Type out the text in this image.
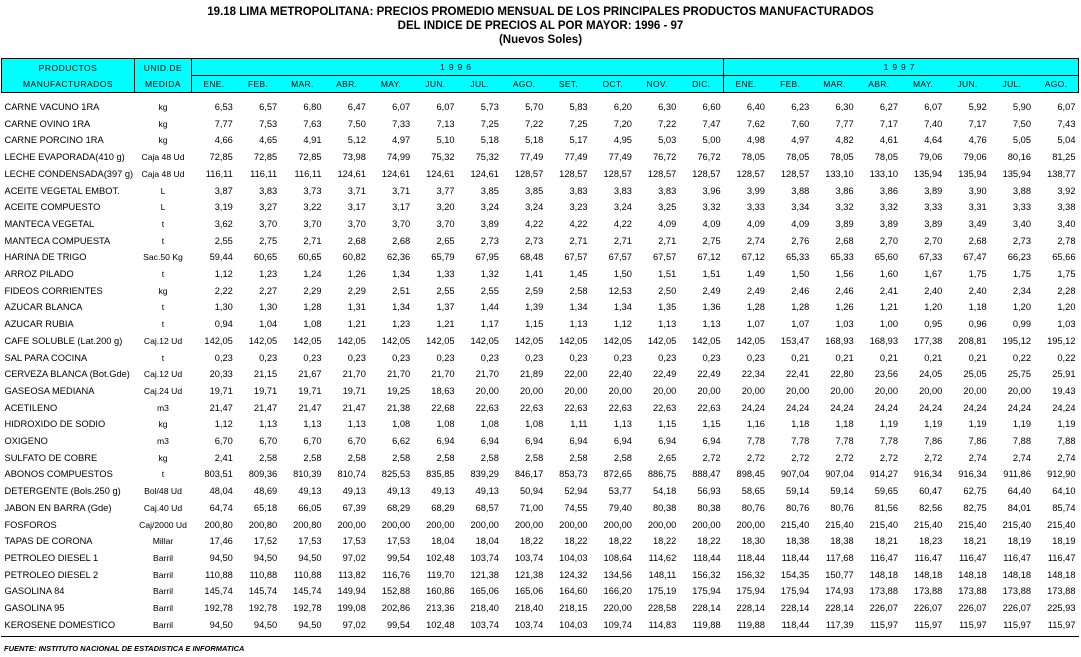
19.18 LIMA METROPOLITANA: PRECIOS PROMEDIO MENSUAL DE LOS PRINCIPALES PRODUCTOS MANUFACTURADOS
DEL INDICE DE PRECIOS AL POR MAYOR: 1996 - 97
(Nuevos Soles)
PRODUCTOS
MANUFACTURADOS	UNID.DE
MEDIDA	1996												1997							
		ENE.	FEB.	MAR.	ABR.	MAY.	JUN.	JUL.	AGO.	SET.	OCT.	NOV.	DIC.	ENE.	FEB.	MAR.	ABR.	MAY.	JUN.	JUL.	AGO.

CARNE VACUNO 1RA	kg	6,53	6,57	6,80	6,47	6,07	6,07	5,73	5,70	5,83	6,20	6,30	6,60	6,40	6,23	6,30	6,27	6,07	5,92	5,90	6,07
CARNE OVINO 1RA	kg	7,77	7,53	7,63	7,50	7,33	7,13	7,25	7,22	7,25	7,20	7,22	7,47	7,62	7,60	7,77	7,17	7,40	7,17	7,50	7,43
CARNE PORCINO 1RA	kg	4,66	4,65	4,91	5,12	4,97	5,10	5,18	5,18	5,17	4,95	5,03	5,00	4,98	4,97	4,82	4,61	4,64	4,76	5,05	5,04
LECHE EVAPORADA(410 g)	Caja 48 Ud	72,85	72,85	72,85	73,98	74,99	75,32	75,32	77,49	77,49	77,49	76,72	76,72	78,05	78,05	78,05	78,05	79,06	79,06	80,16	81,25
LECHE CONDENSADA(397 g)	Caja 48 Ud	116,11	116,11	116,11	124,61	124,61	124,61	124,61	128,57	128,57	128,57	128,57	128,57	128,57	128,57	133,10	133,10	135,94	135,94	135,94	138,77
ACEITE VEGETAL EMBOT.	L	3,87	3,83	3,73	3,71	3,71	3,77	3,85	3,85	3,83	3,83	3,83	3,96	3,99	3,88	3,86	3,86	3,89	3,90	3,88	3,92
ACEITE COMPUESTO	L	3,19	3,27	3,22	3,17	3,17	3,20	3,24	3,24	3,23	3,24	3,25	3,32	3,33	3,34	3,32	3,32	3,33	3,31	3,33	3,38
MANTECA VEGETAL	t	3,62	3,70	3,70	3,70	3,70	3,70	3,89	4,22	4,22	4,22	4,09	4,09	4,09	4,09	3,89	3,89	3,89	3,49	3,40	3,40
MANTECA COMPUESTA	t	2,55	2,75	2,71	2,68	2,68	2,65	2,73	2,73	2,71	2,71	2,71	2,75	2,74	2,76	2,68	2,70	2,70	2,68	2,73	2,78
HARINA DE TRIGO	Sac.50 Kg	59,44	60,65	60,65	60,82	62,36	65,79	67,95	68,48	67,57	67,57	67,57	67,12	67,12	65,33	65,33	65,60	67,33	67,47	66,23	65,66
ARROZ PILADO	t	1,12	1,23	1,24	1,26	1,34	1,33	1,32	1,41	1,45	1,50	1,51	1,51	1,49	1,50	1,56	1,60	1,67	1,75	1,75	1,75
FIDEOS CORRIENTES	kg	2,22	2,27	2,29	2,29	2,51	2,55	2,55	2,59	2,58	12,53	2,50	2,49	2,49	2,46	2,46	2,41	2,40	2,40	2,34	2,28
AZUCAR BLANCA	t	1,30	1,30	1,28	1,31	1,34	1,37	1,44	1,39	1,34	1,34	1,35	1,36	1,28	1,28	1,26	1,21	1,20	1,18	1,20	1,20
AZUCAR RUBIA	t	0,94	1,04	1,08	1,21	1,23	1,21	1,17	1,15	1,13	1,12	1,13	1,13	1,07	1,07	1,03	1,00	0,95	0,96	0,99	1,03
CAFE SOLUBLE (Lat.200 g)	Caj.12 Ud	142,05	142,05	142,05	142,05	142,05	142,05	142,05	142,05	142,05	142,05	142,05	142,05	142,05	153,47	168,93	168,93	177,38	208,81	195,12	195,12
SAL PARA COCINA	t	0,23	0,23	0,23	0,23	0,23	0,23	0,23	0,23	0,23	0,23	0,23	0,23	0,23	0,21	0,21	0,21	0,21	0,21	0,22	0,22
CERVEZA BLANCA (Bot.Gde)	Caj.12 Ud	20,33	21,15	21,67	21,70	21,70	21,70	21,70	21,89	22,00	22,40	22,49	22,49	22,34	22,41	22,80	23,56	24,05	25,05	25,75	25,91
GASEOSA MEDIANA	Caj.24 Ud	19,71	19,71	19,71	19,71	19,25	18,63	20,00	20,00	20,00	20,00	20,00	20,00	20,00	20,00	20,00	20,00	20,00	20,00	20,00	19,43
ACETILENO	m3	21,47	21,47	21,47	21,47	21,38	22,68	22,63	22,63	22,63	22,63	22,63	22,63	24,24	24,24	24,24	24,24	24,24	24,24	24,24	24,24
HIDROXIDO DE SODIO	kg	1,12	1,13	1,13	1,13	1,08	1,08	1,08	1,08	1,11	1,13	1,15	1,15	1,16	1,18	1,18	1,19	1,19	1,19	1,19	1,19
OXIGENO	m3	6,70	6,70	6,70	6,70	6,62	6,94	6,94	6,94	6,94	6,94	6,94	6,94	7,78	7,78	7,78	7,78	7,86	7,86	7,88	7,88
SULFATO DE COBRE	kg	2,41	2,58	2,58	2,58	2,58	2,58	2,58	2,58	2,58	2,58	2,65	2,72	2,72	2,72	2,72	2,72	2,72	2,74	2,74	2,74
ABONOS COMPUESTOS	t	803,51	809,36	810,39	810,74	825,53	835,85	839,29	846,17	853,73	872,65	886,75	888,47	898,45	907,04	907,04	914,27	916,34	916,34	911,86	912,90
DETERGENTE (Bols.250 g)	Bol/48 Ud	48,04	48,69	49,13	49,13	49,13	49,13	49,13	50,94	52,94	53,77	54,18	56,93	58,65	59,14	59,14	59,65	60,47	62,75	64,40	64,10
JABON EN BARRA (Gde)	Caj.40 Ud	64,74	65,18	66,05	67,39	68,29	68,29	68,57	71,00	74,55	79,40	80,38	80,38	80,76	80,76	80,76	81,56	82,56	82,75	84,01	85,74
FOSFOROS	Caj/2000 Ud	200,80	200,80	200,80	200,00	200,00	200,00	200,00	200,00	200,00	200,00	200,00	200,00	200,00	215,40	215,40	215,40	215,40	215,40	215,40	215,40
TAPAS DE CORONA	Millar	17,46	17,52	17,53	17,53	17,53	18,04	18,04	18,22	18,22	18,22	18,22	18,22	18,30	18,38	18,38	18,21	18,23	18,21	18,19	18,19
PETROLEO DIESEL 1	Barril	94,50	94,50	94,50	97,02	99,54	102,48	103,74	103,74	104,03	108,64	114,62	118,44	118,44	118,44	117,68	116,47	116,47	116,47	116,47	116,47
PETROLEO DIESEL 2	Barril	110,88	110,88	110,88	113,82	116,76	119,70	121,38	121,38	124,32	134,56	148,11	156,32	156,32	154,35	150,77	148,18	148,18	148,18	148,18	148,18
GASOLINA 84	Barril	145,74	145,74	145,74	149,94	152,88	160,86	165,06	165,06	164,60	166,20	175,19	175,94	175,94	175,94	174,93	173,88	173,88	173,88	173,88	173,88
GASOLINA 95	Barril	192,78	192,78	192,78	199,08	202,86	213,36	218,40	218,40	218,15	220,00	228,58	228,14	228,14	228,14	228,14	226,07	226,07	226,07	226,07	225,93
KEROSENE DOMESTICO	Barril	94,50	94,50	94,50	97,02	99,54	102,48	103,74	103,74	104,03	109,74	114,83	119,88	119,88	118,44	117,39	115,97	115,97	115,97	115,97	115,97
FUENTE: INSTITUTO NACIONAL DE ESTADISTICA E INFORMATICA
